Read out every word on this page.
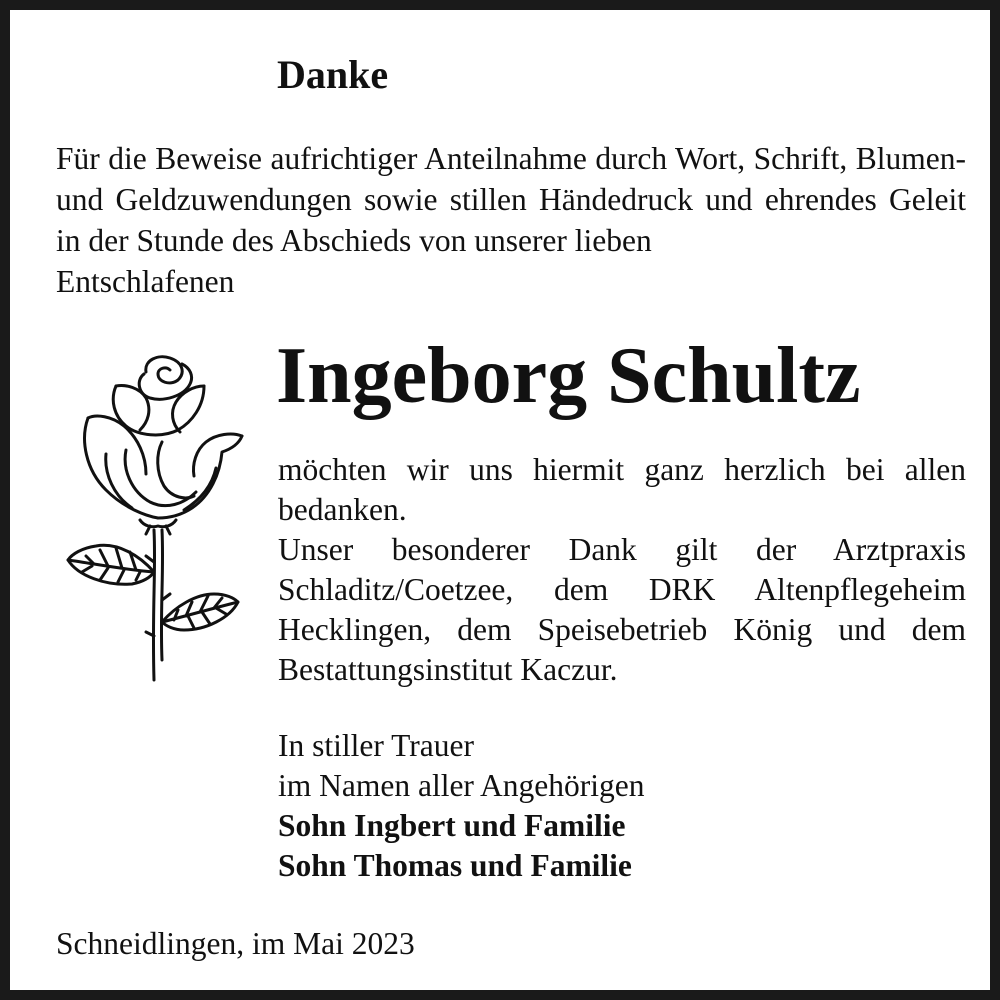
Danke

Für die Beweise aufrichtiger Anteilnahme durch Wort, Schrift, Blumen- und Geldzuwendungen sowie stillen Händedruck und ehrendes Geleit in der Stunde des Abschieds von unserer lieben
Entschlafenen

Ingeborg Schultz

möchten wir uns hiermit ganz herzlich bei allen
bedanken.
Unser besonderer Dank gilt der Arztpraxis
Schladitz/Coetzee, dem DRK Altenpflegeheim
Hecklingen, dem Speisebetrieb König und dem
Bestattungsinstitut Kaczur.

In stiller Trauer
im Namen aller Angehörigen
Sohn Ingbert und Familie
Sohn Thomas und Familie

Schneidlingen, im Mai 2023
